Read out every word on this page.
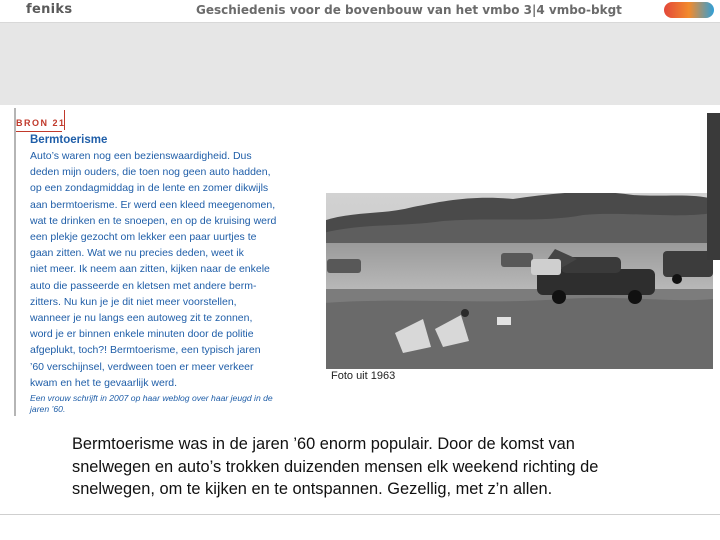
feniks	Geschiedenis voor de bovenbouw van het vmbo 3|4 vmbo-bkgt
BRON 21
Bermtoerisme

Auto’s waren nog een bezienswaardigheid. Dus
deden mijn ouders, die toen nog geen auto hadden,
op een zondagmiddag in de lente en zomer dikwijls
aan bermtoerisme. Er werd een kleed meegenomen,
wat te drinken en te snoepen, en op de kruising werd
een plekje gezocht om lekker een paar uurtjes te
gaan zitten. Wat we nu precies deden, weet ik
niet meer. Ik neem aan zitten, kijken naar de enkele
auto die passeerde en kletsen met andere berm-
zitters. Nu kun je je dit niet meer voorstellen,
wanneer je nu langs een autoweg zit te zonnen,
word je er binnen enkele minuten door de politie
afgeplukt, toch?! Bermtoerisme, een typisch jaren
’60 verschijnsel, verdween toen er meer verkeer
kwam en het te gevaarlijk werd.

Een vrouw schrijft in 2007 op haar weblog over haar jeugd in de
jaren ’60.

Foto uit 1963

Bermtoerisme was in de jaren ’60 enorm populair. Door de komst van
snelwegen en auto’s trokken duizenden mensen elk weekend richting de
snelwegen, om te kijken en te ontspannen. Gezellig, met z’n allen.
